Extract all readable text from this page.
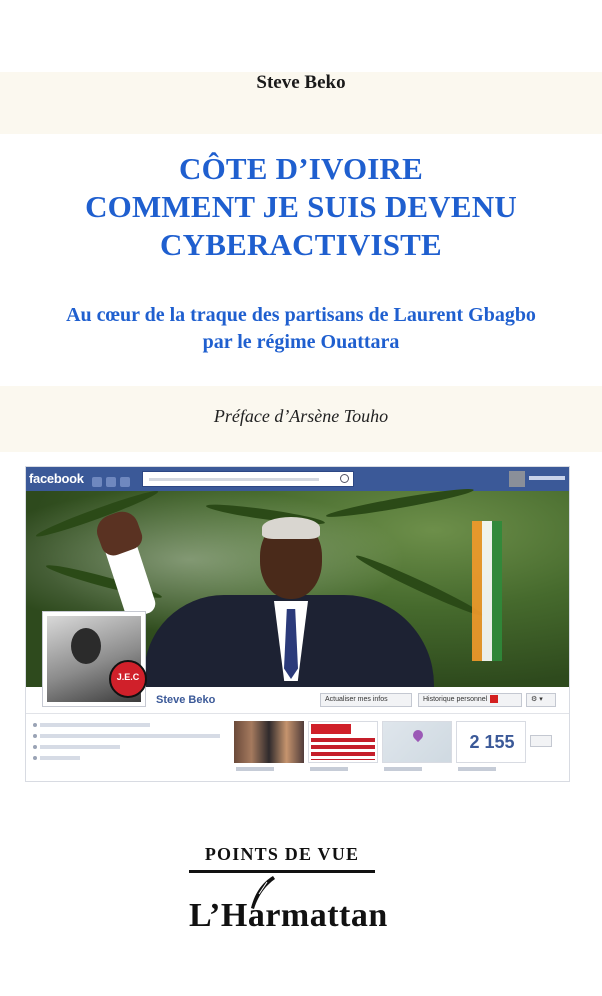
Steve Beko
CÔTE D’IVOIRE
COMMENT JE SUIS DEVENU
CYBERACTIVISTE
Au cœur de la traque des partisans de Laurent Gbagbo
par le régime Ouattara
Préface d’Arsène Touho
facebook
Steve Beko	Actualiser mes infos	Historique personnel	⚙ ▾
J.E.C
2 155
POINTS DE VUE
L’Harmattan
